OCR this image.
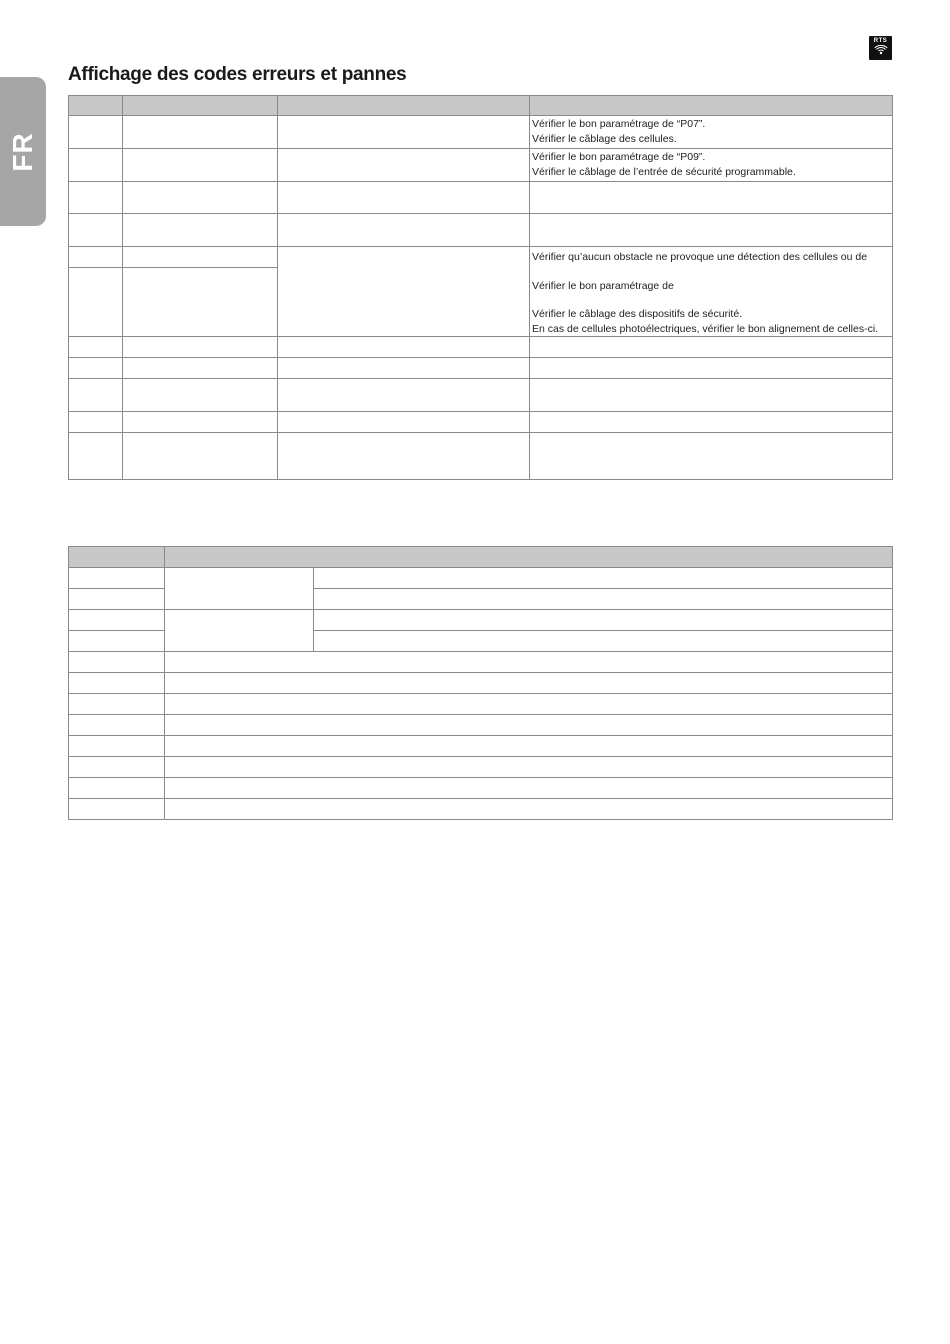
FR
RTS
Affichage des codes erreurs et pannes

			Vérifier le bon paramétrage de “P07”.
Vérifier le câblage des cellules.

			Vérifier le bon paramétrage de “P09”.
Vérifier le câblage de l’entrée de sécurité programmable.

			Vérifier qu’aucun obstacle ne provoque une détection des cellules ou de
Vérifier le bon paramétrage de
Vérifier le câblage des dispositifs de sécurité.
En cas de cellules photoélectriques, vérifier le bon alignement de celles-ci.
